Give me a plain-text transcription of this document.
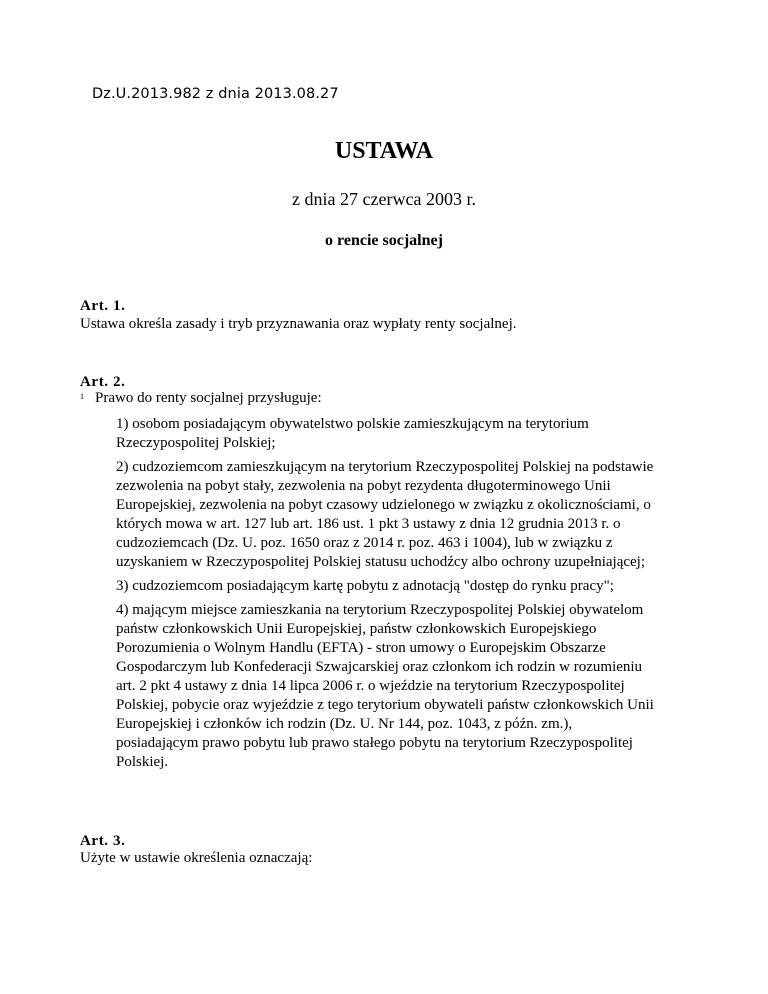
Dz.U.2013.982 z dnia 2013.08.27
USTAWA
z dnia 27 czerwca 2003 r.
o rencie socjalnej
Art. 1.
Ustawa określa zasady i tryb przyznawania oraz wypłaty renty socjalnej.
Art. 2.
1 Prawo do renty socjalnej przysługuje:
1) osobom posiadającym obywatelstwo polskie zamieszkującym na terytorium Rzeczypospolitej Polskiej;
2) cudzoziemcom zamieszkującym na terytorium Rzeczypospolitej Polskiej na podstawie zezwolenia na pobyt stały, zezwolenia na pobyt rezydenta długoterminowego Unii Europejskiej, zezwolenia na pobyt czasowy udzielonego w związku z okolicznościami, o których mowa w art. 127 lub art. 186 ust. 1 pkt 3 ustawy z dnia 12 grudnia 2013 r. o cudzoziemcach (Dz. U. poz. 1650 oraz z 2014 r. poz. 463 i 1004), lub w związku z uzyskaniem w Rzeczypospolitej Polskiej statusu uchodźcy albo ochrony uzupełniającej;
3) cudzoziemcom posiadającym kartę pobytu z adnotacją "dostęp do rynku pracy";
4) mającym miejsce zamieszkania na terytorium Rzeczypospolitej Polskiej obywatelom państw członkowskich Unii Europejskiej, państw członkowskich Europejskiego Porozumienia o Wolnym Handlu (EFTA) - stron umowy o Europejskim Obszarze Gospodarczym lub Konfederacji Szwajcarskiej oraz członkom ich rodzin w rozumieniu art. 2 pkt 4 ustawy z dnia 14 lipca 2006 r. o wjeździe na terytorium Rzeczypospolitej Polskiej, pobycie oraz wyjeździe z tego terytorium obywateli państw członkowskich Unii Europejskiej i członków ich rodzin (Dz. U. Nr 144, poz. 1043, z późn. zm.), posiadającym prawo pobytu lub prawo stałego pobytu na terytorium Rzeczypospolitej Polskiej.
Art. 3.
Użyte w ustawie określenia oznaczają:
